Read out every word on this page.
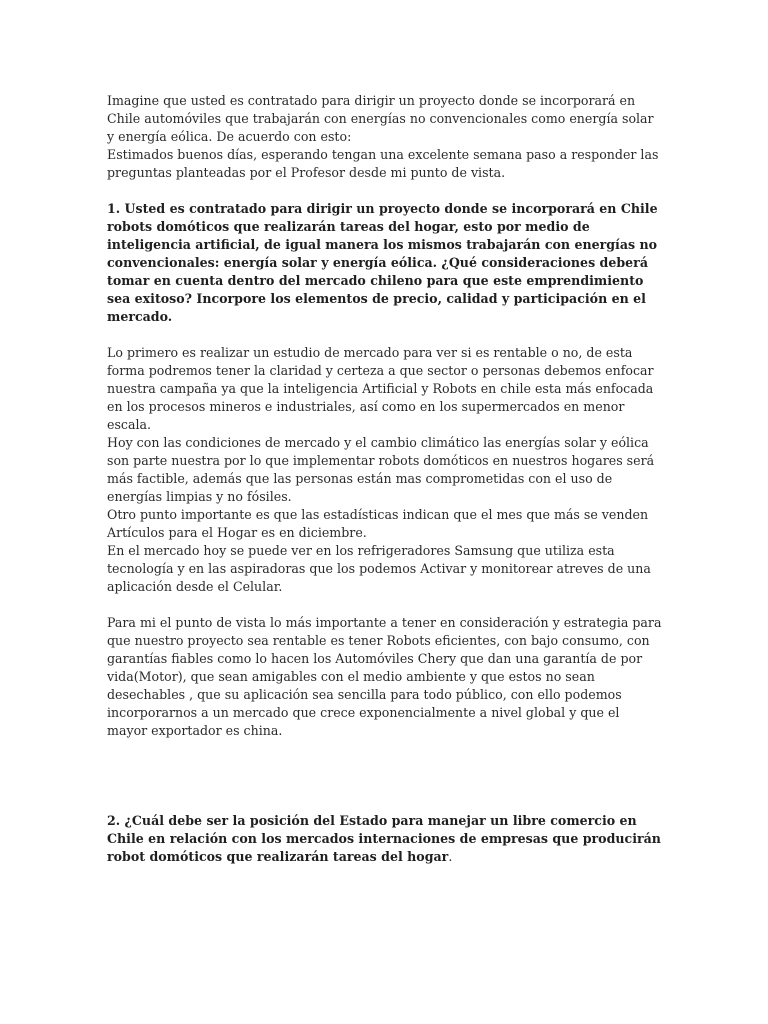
Imagine que usted es contratado para dirigir un proyecto donde se incorporará en Chile automóviles que trabajarán con energías no convencionales como energía solar y energía eólica. De acuerdo con esto:

Estimados buenos días, esperando tengan una excelente semana paso a responder las preguntas planteadas por el Profesor desde mi punto de vista.

1. Usted es contratado para dirigir un proyecto donde se incorporará en Chile robots domóticos que realizarán tareas del hogar, esto por medio de inteligencia artificial, de igual manera los mismos trabajarán con energías no convencionales: energía solar y energía eólica. ¿Qué consideraciones deberá tomar en cuenta dentro del mercado chileno para que este emprendimiento sea exitoso? Incorpore los elementos de precio, calidad y participación en el mercado.

Lo primero es realizar un estudio de mercado para ver si es rentable o no, de esta forma podremos tener la claridad y certeza a que sector o personas debemos enfocar nuestra campaña ya que la inteligencia Artificial y Robots en chile esta más enfocada en los procesos mineros e industriales, así como en los supermercados en menor escala.

Hoy con las condiciones de mercado y el cambio climático las energías solar y eólica son parte nuestra por lo que implementar robots domóticos en nuestros hogares será más factible, además que las personas están mas comprometidas con el uso de energías limpias y no fósiles.

Otro punto importante es que las estadísticas indican que el mes que más se venden Artículos para el Hogar es en diciembre.

En el mercado hoy se puede ver en los refrigeradores Samsung que utiliza esta tecnología y en las aspiradoras que los podemos Activar y monitorear atreves de una aplicación desde el Celular.

Para mi el punto de vista lo más importante a tener en consideración y estrategia para que nuestro proyecto sea rentable es tener Robots eficientes, con bajo consumo, con garantías fiables como lo hacen los Automóviles Chery que dan una garantía de por vida(Motor), que sean amigables con el medio ambiente y que estos no sean desechables , que su aplicación sea sencilla para todo público, con ello podemos incorporarnos a un mercado que crece exponencialmente a nivel global y que el mayor exportador es china.

2. ¿Cuál debe ser la posición del Estado para manejar un libre comercio en Chile en relación con los mercados internaciones de empresas que producirán robot domóticos que realizarán tareas del hogar.
